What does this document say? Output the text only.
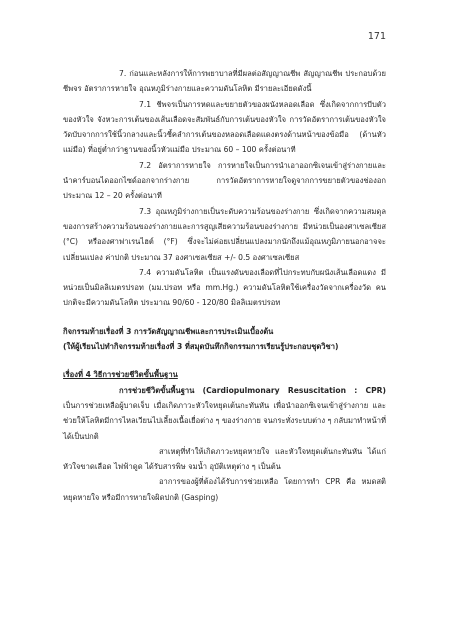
171

7. ก่อนและหลังการให้การพยาบาลที่มีผลต่อสัญญาณชีพ สัญญาณชีพ ประกอบด้วย ชีพจร อัตราการหายใจ อุณหภูมิร่างกายและความดันโลหิต มีรายละเอียดดังนี้

7.1 ชีพจรเป็นการหดและขยายตัวของผนังหลอดเลือด ซึ่งเกิดจากการบีบตัวของหัวใจ จังหวะการเต้นของเส้นเลือดจะสัมพันธ์กับการเต้นของหัวใจ การวัดอัตราการเต้นของหัวใจ วัดบับจากการใช้นิ้วกลางและนิ้วชี้คลำการเต้นของหลอดเลือดแดงตรงด้านหน้าของข้อมือ (ด้านหัวแม่มือ) ที่อยู่ต่ำกว่าฐานของนิ้วหัวแม่มือ ประมาณ 60 – 100 ครั้งต่อนาที

7.2 อัตราการหายใจ การหายใจเป็นการนำเอาออกซิเจนเข้าสู่ร่างกายและนำคาร์บอนไดออกไซด์ออกจากร่างกาย การวัดอัตราการหายใจดูจากการขยายตัวของช่องอก ประมาณ 12 – 20 ครั้งต่อนาที

7.3 อุณหภูมิร่างกายเป็นระดับความร้อนของร่างกาย ซึ่งเกิดจากความสมดุลของการสร้างความร้อนของร่างกายและการสูญเสียความร้อนของร่างกาย มีหน่วยเป็นองศาเซลเซียส (°C) หรือองศาฟาเรนไฮต์ (°F) ซึ่งจะไม่ค่อยเปลี่ยนแปลงมากนักถึงแม้อุณหภูมิภายนอกอาจจะเปลี่ยนแปลง ค่าปกติ ประมาณ 37 องศาเซลเซียส +/- 0.5 องศาเซลเซียส

7.4 ความดันโลหิต เป็นแรงดันของเลือดที่ไปกระทบกับผนังเส้นเลือดแดง มีหน่วยเป็นมิลลิเมตรปรอท (มม.ปรอท หรือ mm.Hg.) ความดันโลหิตใช้เครื่องวัดจากเครื่องวัด คนปกติจะมีความดันโลหิต ประมาณ 90/60 - 120/80 มิลลิเมตรปรอท

กิจกรรมท้ายเรื่องที่ 3 การวัดสัญญาณชีพและการประเมินเบื้องต้น

(ให้ผู้เรียนไปทำกิจกรรมท้ายเรื่องที่ 3 ที่สมุดบันทึกกิจกรรมการเรียนรู้ประกอบชุดวิชา)

เรื่องที่ 4 วิธีการช่วยชีวิตขั้นพื้นฐาน

การช่วยชีวิตขั้นพื้นฐาน (Cardiopulmonary Resuscitation : CPR) เป็นการช่วยเหลือผู้บาดเจ็บ เมื่อเกิดภาวะหัวใจหยุดเต้นกะทันหัน เพื่อนำออกซิเจนเข้าสู่ร่างกาย และช่วยให้โลหิตมีการไหลเวียนไปเลี้ยงเนื้อเยื่อต่าง ๆ ของร่างกาย จนกระทั่งระบบต่าง ๆ กลับมาทำหน้าที่ได้เป็นปกติ

สาเหตุที่ทำให้เกิดภาวะหยุดหายใจ และหัวใจหยุดเต้นกะทันหัน ได้แก่ หัวใจขาดเลือด ไฟฟ้าดูด ได้รับสารพิษ จมน้ำ อุบัติเหตุต่าง ๆ เป็นต้น

อาการของผู้ที่ต้องได้รับการช่วยเหลือ โดยการทำ CPR คือ หมดสติ หยุดหายใจ หรือมีการหายใจผิดปกติ (Gasping)
